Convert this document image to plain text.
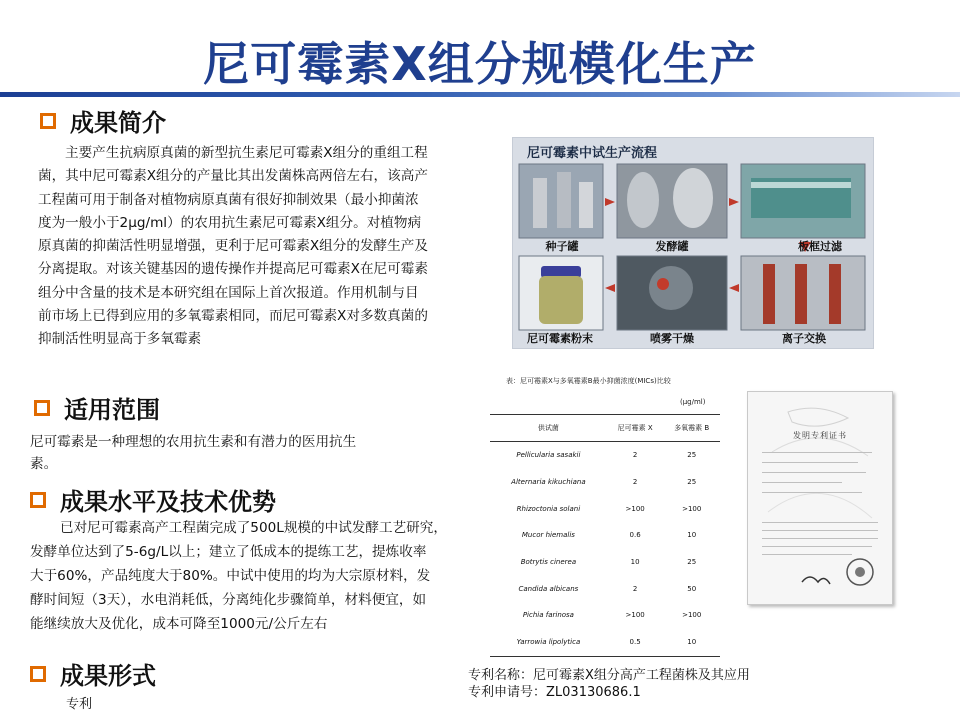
尼可霉素X组分规模化生产
成果简介
主要产生抗病原真菌的新型抗生素尼可霉素X组分的重组工程
菌，其中尼可霉素X组分的产量比其出发菌株高两倍左右，该高产
工程菌可用于制备对植物病原真菌有很好抑制效果（最小抑菌浓
度为一般小于2μg/ml）的农用抗生素尼可霉素X组分。对植物病
原真菌的抑菌活性明显增强，更利于尼可霉素X组分的发酵生产及
分离提取。对该关键基因的遗传操作并提高尼可霉素X在尼可霉素
组分中含量的技术是本研究组在国际上首次报道。作用机制与目
前市场上已得到应用的多氧霉素相同，而尼可霉素X对多数真菌的
抑制活性明显高于多氧霉素
尼可霉素中试生产流程
种子罐	发酵罐	板框过滤
离子交换
喷雾干燥
尼可霉素粉末
适用范围
尼可霉素是一种理想的农用抗生素和有潜力的医用抗生
素。
成果水平及技术优势
已对尼可霉素高产工程菌完成了500L规模的中试发酵工艺研究，
发酵单位达到了5-6g/L以上；建立了低成本的提练工艺，提炼收率
大于60%，产品纯度大于80%。中试中使用的均为大宗原材料，发
酵时间短（3天），水电消耗低，分离纯化步骤简单，材料便宜，如
能继续放大及优化，成本可降至1000元/公斤左右
成果形式
专利
表：尼可霉素X与多氧霉素B最小抑菌浓度(MICs)比较
(μg/ml)
供试菌	尼可霉素 X	多氧霉素 B
Pellicularia sasakii	2	25
Alternaria kikuchiana	2	25
Rhizoctonia solani	>100	>100
Mucor hiemalis	0.6	10
Botrytis cinerea	10	25
Candida albicans	2	50
Pichia farinosa	>100	>100
Yarrowia lipolytica	0.5	10
发明专利证书
专利名称：尼可霉素X组分高产工程菌株及其应用
专利申请号：ZL03130686.1
